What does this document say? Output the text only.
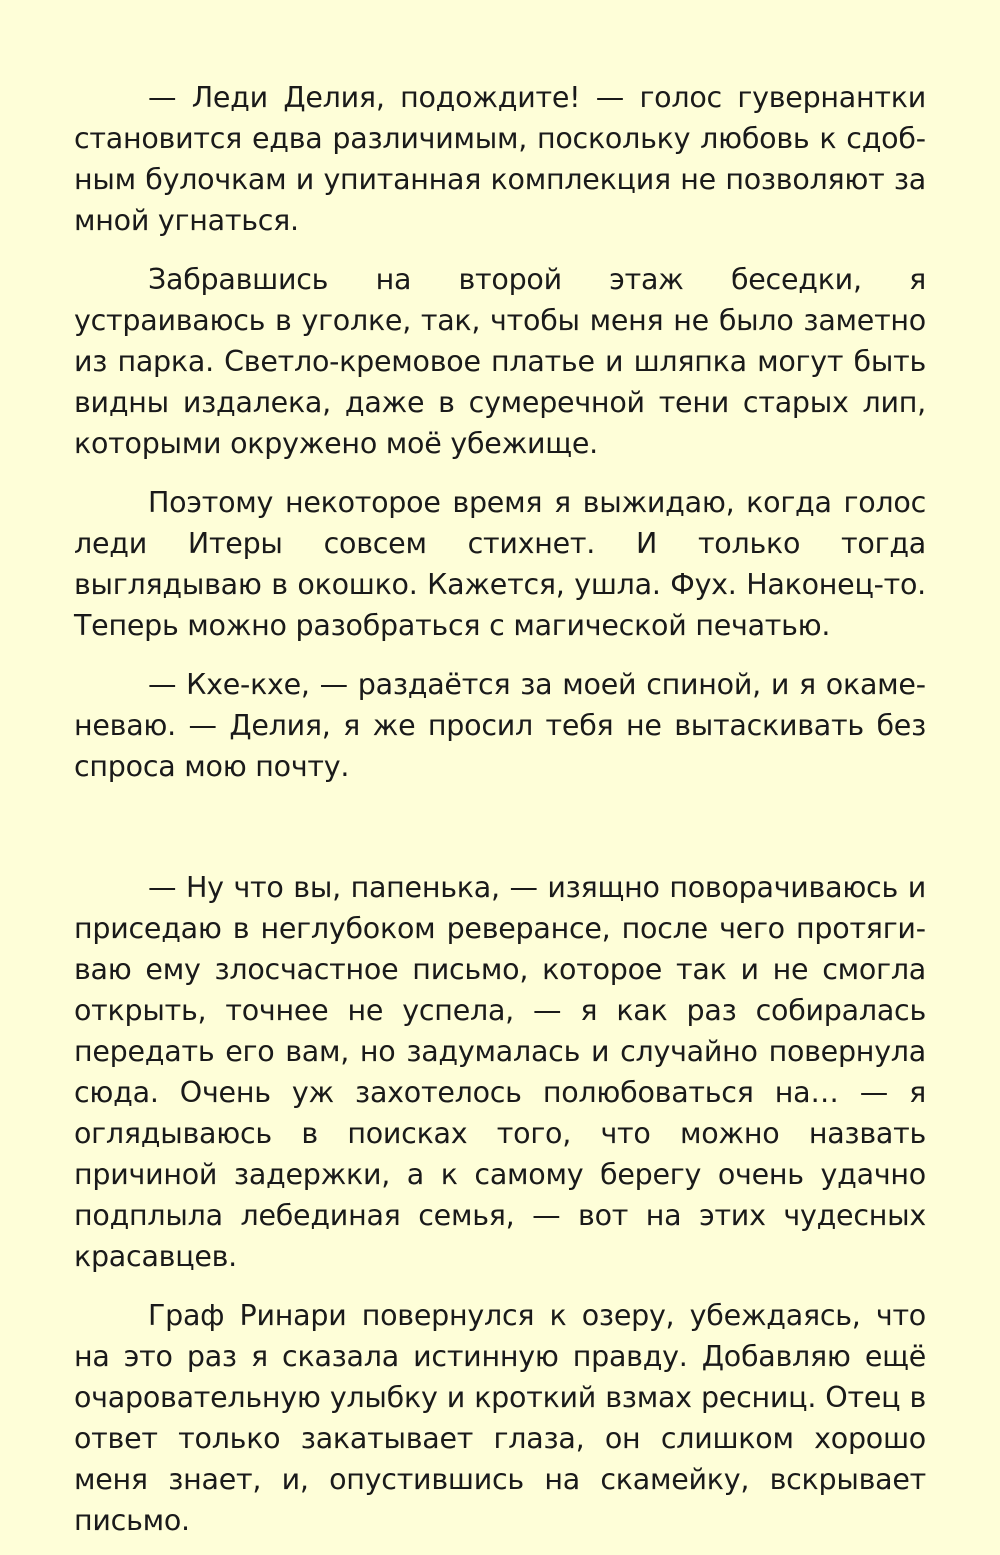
— Леди Делия, подождите! — голос гувернантки становится едва различимым, поскольку любовь к сдобным булочкам и упитанная комплекция не позволяют за мной угнаться.

Забравшись на второй этаж беседки, я устраиваюсь в уголке, так, чтобы меня не было заметно из парка. Светло-кремовое платье и шляпка могут быть видны издалека, даже в сумеречной тени старых лип, которыми окружено моё убежище.

Поэтому некоторое время я выжидаю, когда голос леди Итеры совсем стихнет. И только тогда выглядываю в окошко. Кажется, ушла. Фух. Наконец-то. Теперь можно разобраться с магической печатью.

— Кхе-кхе, — раздаётся за моей спиной, и я окаменеваю. — Делия, я же просил тебя не вытаскивать без спроса мою почту.

— Ну что вы, папенька, — изящно поворачиваюсь и приседаю в неглубоком реверансе, после чего протягиваю ему злосчастное письмо, которое так и не смогла открыть, точнее не успела, — я как раз собиралась передать его вам, но задумалась и случайно повернула сюда. Очень уж захотелось полюбоваться на… — я оглядываюсь в поисках того, что можно назвать причиной задержки, а к самому берегу очень удачно подплыла лебединая семья, — вот на этих чудесных красавцев.

Граф Ринари повернулся к озеру, убеждаясь, что на это раз я сказала истинную правду. Добавляю ещё очаровательную улыбку и кроткий взмах ресниц. Отец в ответ только закатывает глаза, он слишком хорошо меня знает, и, опустившись на скамейку, вскрывает письмо.
